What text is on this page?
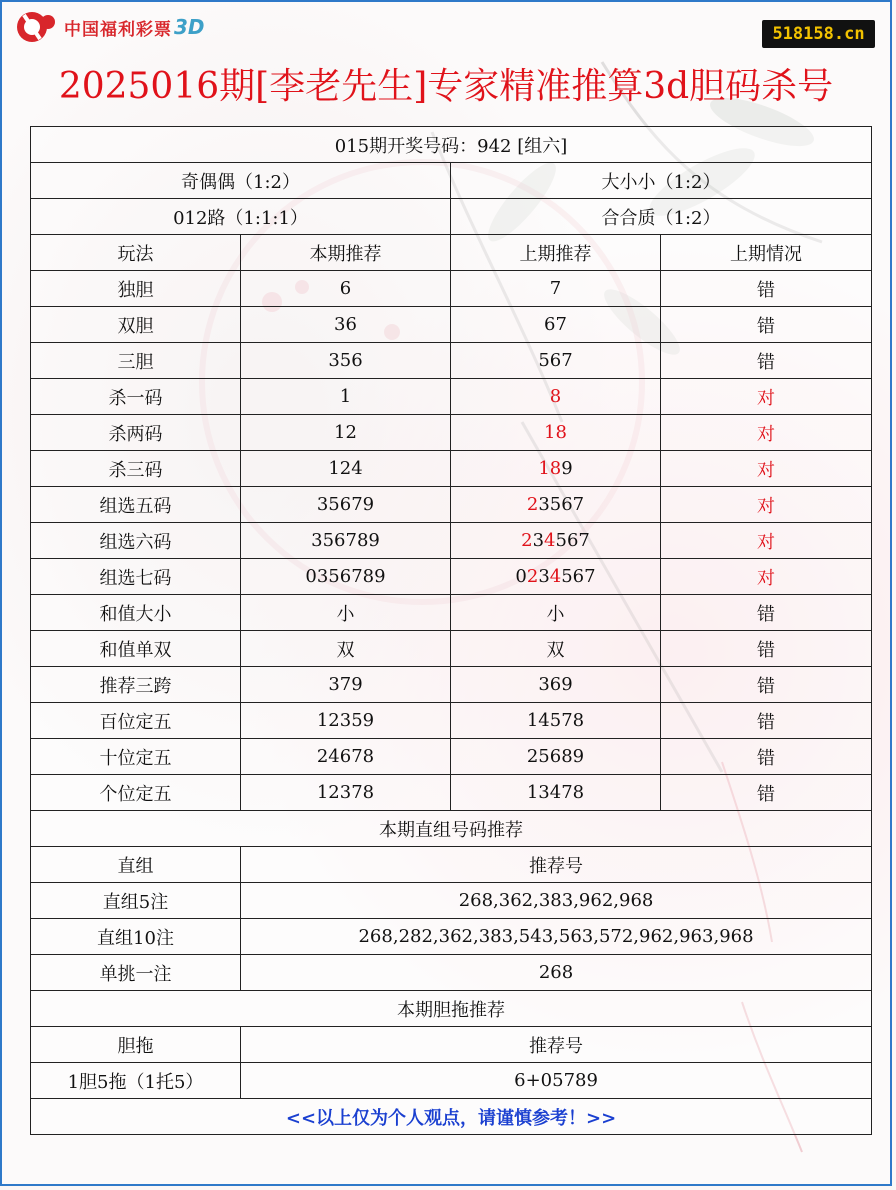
中国福利彩票 3D	518158.cn
2025016期[李老先生]专家精准推算3d胆码杀号
015期开奖号码：942 [组六]			
奇偶偶（1:2）		大小小（1:2）	
012路（1:1:1）		合合质（1:2）	
玩法	本期推荐	上期推荐	上期情况
独胆	6	7	错
双胆	36	67	错
三胆	356	567	错
杀一码	1	8	对
杀两码	12	18	对
杀三码	124	189	对
组选五码	35679	23567	对
组选六码	356789	234567	对
组选七码	0356789	0234567	对
和值大小	小	小	错
和值单双	双	双	错
推荐三跨	379	369	错
百位定五	12359	14578	错
十位定五	24678	25689	错
个位定五	12378	13478	错
本期直组号码推荐			
直组	推荐号		
直组5注	268,362,383,962,968		
直组10注	268,282,362,383,543,563,572,962,963,968		
单挑一注	268		
本期胆拖推荐			
胆拖	推荐号		
1胆5拖（1托5）	6+05789		
<<以上仅为个人观点，请谨慎参考！>>			
